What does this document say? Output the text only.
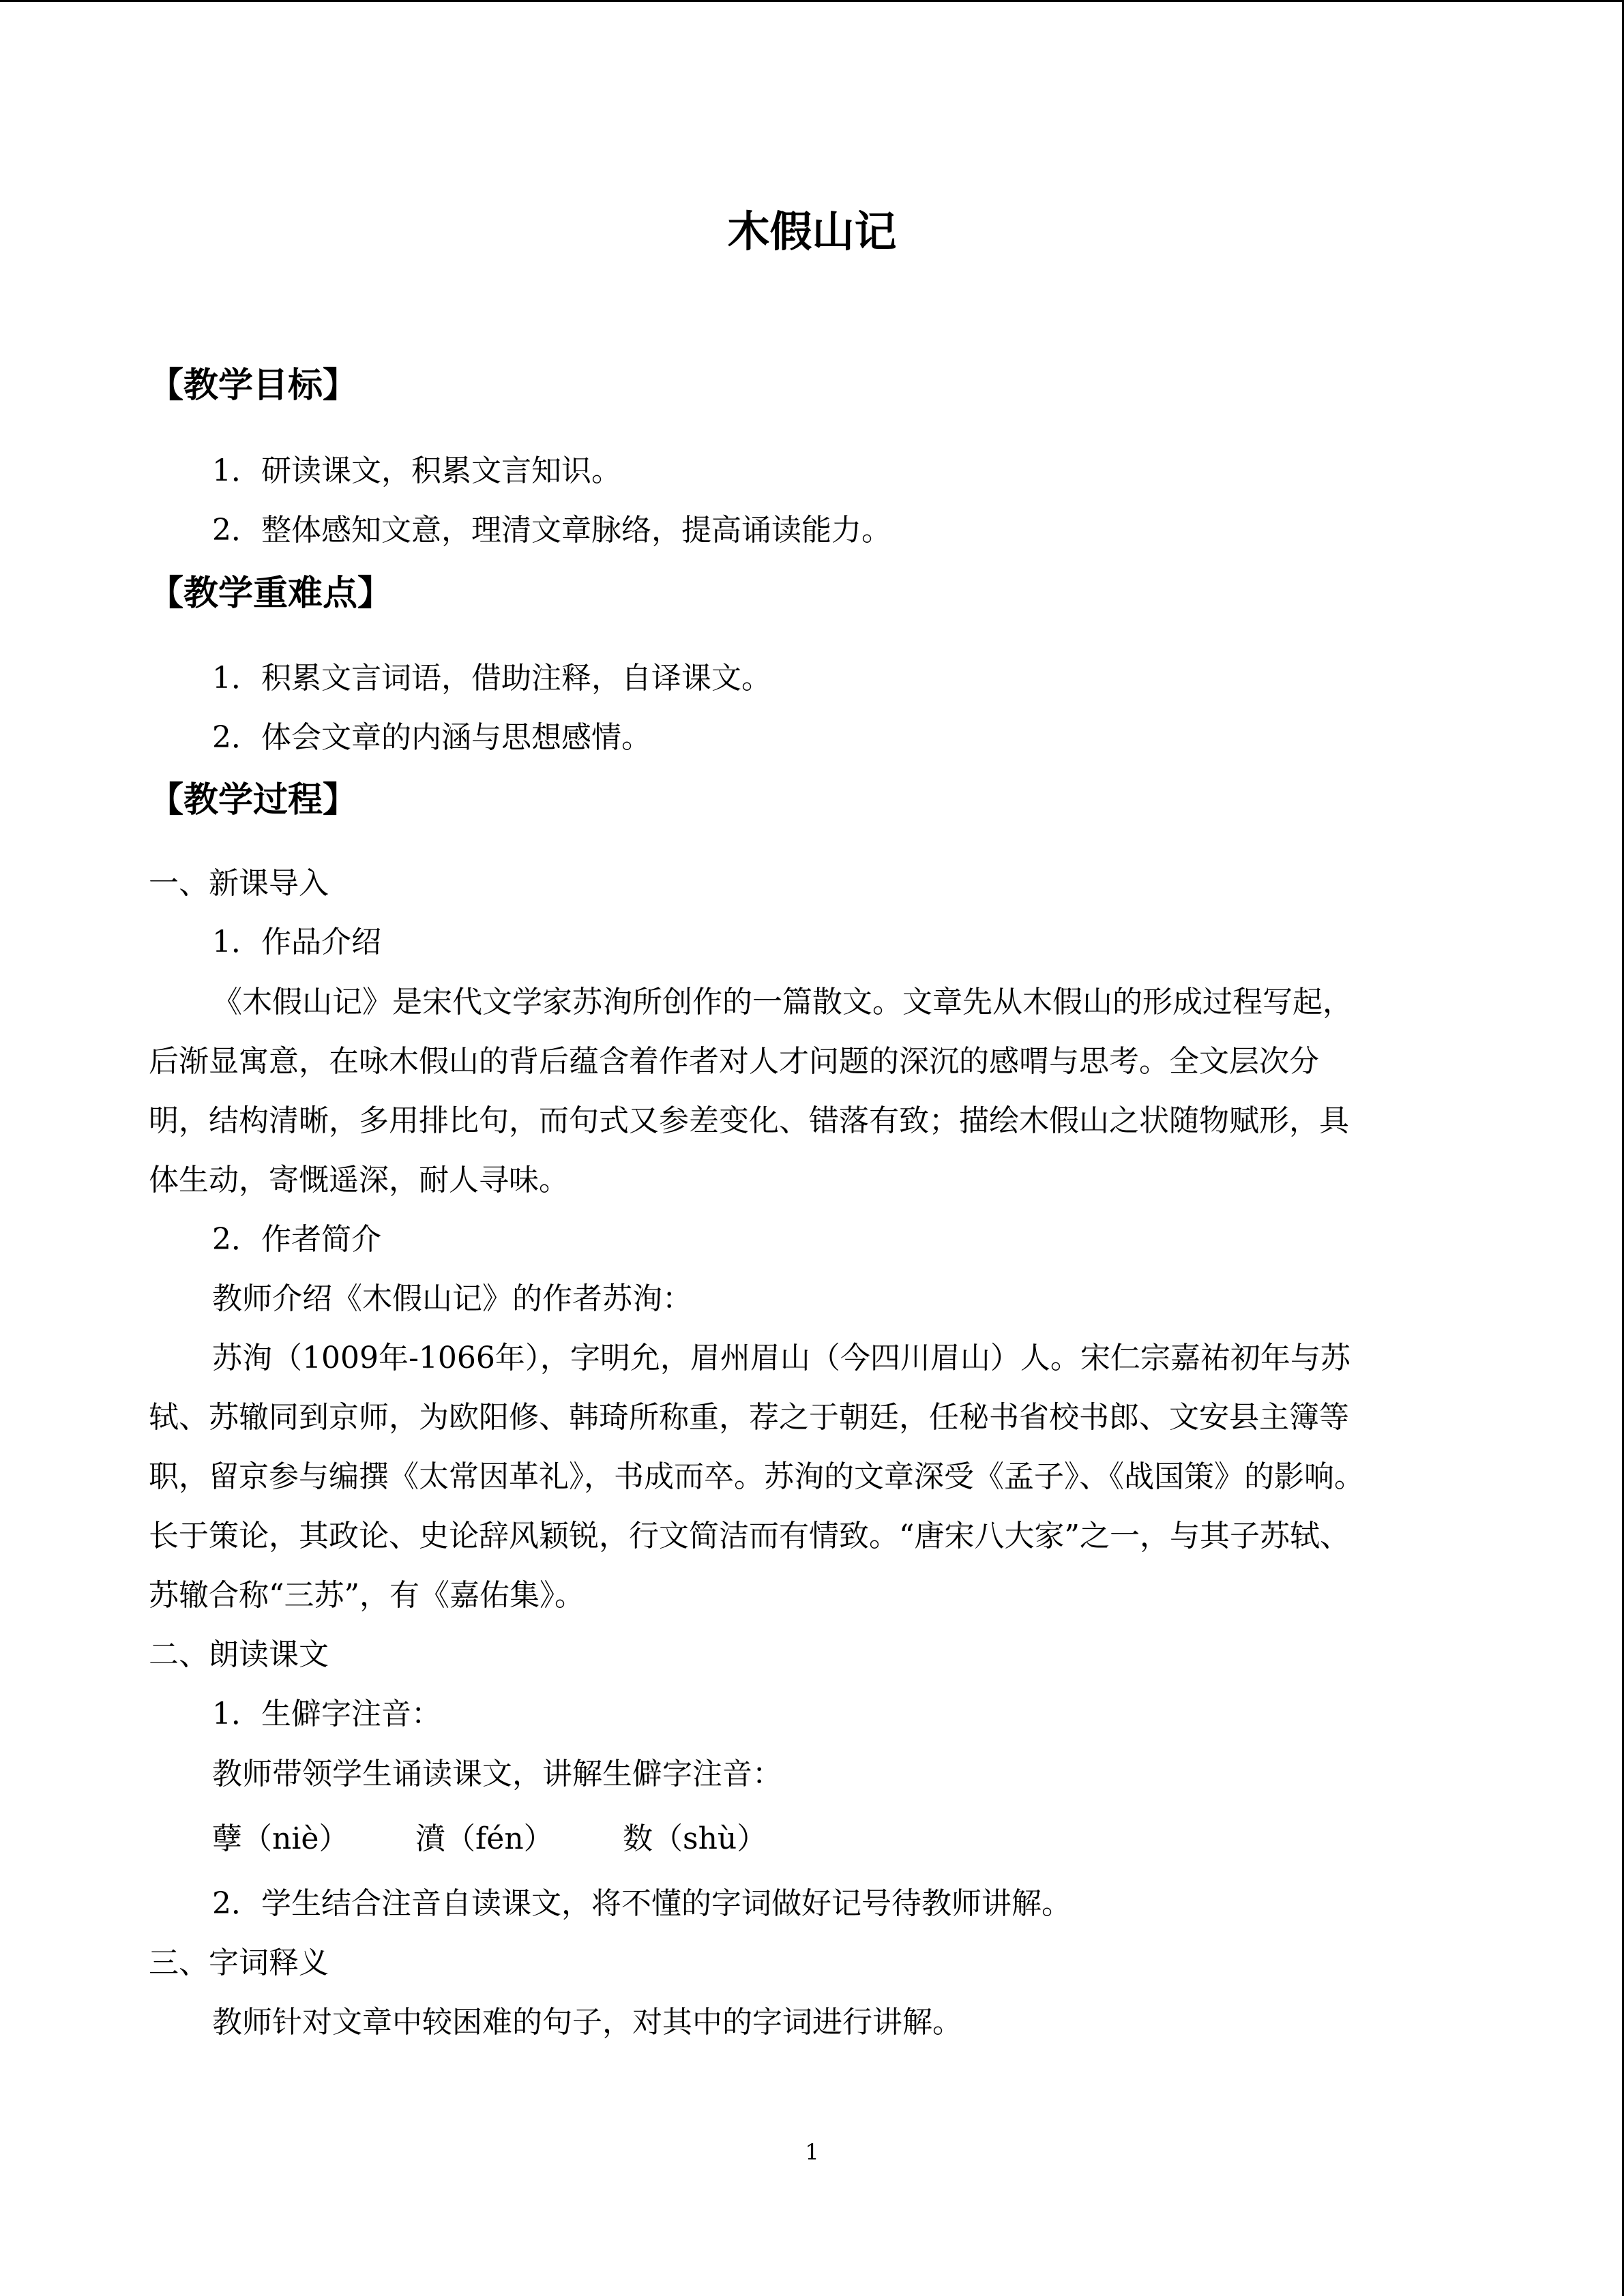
木假山记
【教学目标】
1．研读课文，积累文言知识。
2．整体感知文意，理清文章脉络，提高诵读能力。
【教学重难点】
1．积累文言词语，借助注释，自译课文。
2．体会文章的内涵与思想感情。
【教学过程】
一、新课导入
1．作品介绍
《木假山记》是宋代文学家苏洵所创作的一篇散文。文章先从木假山的形成过程写起，
后渐显寓意，在咏木假山的背后蕴含着作者对人才问题的深沉的感喟与思考。全文层次分
明，结构清晰，多用排比句，而句式又参差变化、错落有致；描绘木假山之状随物赋形，具
体生动，寄慨遥深，耐人寻味。
2．作者简介
教师介绍《木假山记》的作者苏洵：
苏洵（1009年-1066年），字明允，眉州眉山（今四川眉山）人。宋仁宗嘉祐初年与苏
轼、苏辙同到京师，为欧阳修、韩琦所称重，荐之于朝廷，任秘书省校书郎、文安县主簿等
职，留京参与编撰《太常因革礼》，书成而卒。苏洵的文章深受《孟子》、《战国策》的影响。
长于策论，其政论、史论辞风颖锐，行文简洁而有情致。“唐宋八大家”之一，与其子苏轼、
苏辙合称“三苏”，有《嘉佑集》。
二、朗读课文
1．生僻字注音：
教师带领学生诵读课文，讲解生僻字注音：
孽（niè） 濆（fén） 数（shù）
2．学生结合注音自读课文，将不懂的字词做好记号待教师讲解。
三、字词释义
教师针对文章中较困难的句子，对其中的字词进行讲解。
1
